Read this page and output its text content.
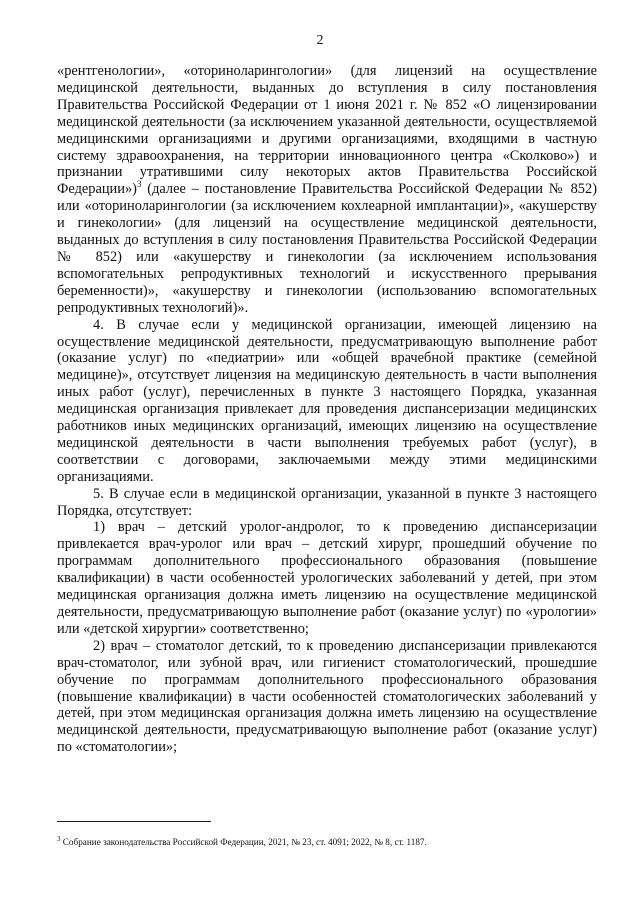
2

«рентгенологии», «оториноларингологии» (для лицензий на осуществление медицинской деятельности, выданных до вступления в силу постановления Правительства Российской Федерации от 1 июня 2021 г. № 852 «О лицензировании медицинской деятельности (за исключением указанной деятельности, осуществляемой медицинскими организациями и другими организациями, входящими в частную систему здравоохранения, на территории инновационного центра «Сколково») и признании утратившими силу некоторых актов Правительства Российской Федерации»)$^3$ (далее – постановление Правительства Российской Федерации № 852) или «оториноларингологии (за исключением кохлеарной имплантации)», «акушерству и гинекологии» (для лицензий на осуществление медицинской деятельности, выданных до вступления в силу постановления Правительства Российской Федерации № 852) или «акушерству и гинекологии (за исключением использования вспомогательных репродуктивных технологий и искусственного прерывания беременности)», «акушерству и гинекологии (использованию вспомогательных репродуктивных технологий)».

4. В случае если у медицинской организации, имеющей лицензию на осуществление медицинской деятельности, предусматривающую выполнение работ (оказание услуг) по «педиатрии» или «общей врачебной практике (семейной медицине)», отсутствует лицензия на медицинскую деятельность в части выполнения иных работ (услуг), перечисленных в пункте 3 настоящего Порядка, указанная медицинская организация привлекает для проведения диспансеризации медицинских работников иных медицинских организаций, имеющих лицензию на осуществление медицинской деятельности в части выполнения требуемых работ (услуг), в соответствии с договорами, заключаемыми между этими медицинскими организациями.

5. В случае если в медицинской организации, указанной в пункте 3 настоящего Порядка, отсутствует:

1) врач – детский уролог-андролог, то к проведению диспансеризации привлекается врач-уролог или врач – детский хирург, прошедший обучение по программам дополнительного профессионального образования (повышение квалификации) в части особенностей урологических заболеваний у детей, при этом медицинская организация должна иметь лицензию на осуществление медицинской деятельности, предусматривающую выполнение работ (оказание услуг) по «урологии» или «детской хирургии» соответственно;

2) врач – стоматолог детский, то к проведению диспансеризации привлекаются врач-стоматолог, или зубной врач, или гигиенист стоматологический, прошедшие обучение по программам дополнительного профессионального образования (повышение квалификации) в части особенностей стоматологических заболеваний у детей, при этом медицинская организация должна иметь лицензию на осуществление медицинской деятельности, предусматривающую выполнение работ (оказание услуг) по «стоматологии»;

$^3$ Собрание законодательства Российской Федерации, 2021, № 23, ст. 4091; 2022, № 8, ст. 1187.
